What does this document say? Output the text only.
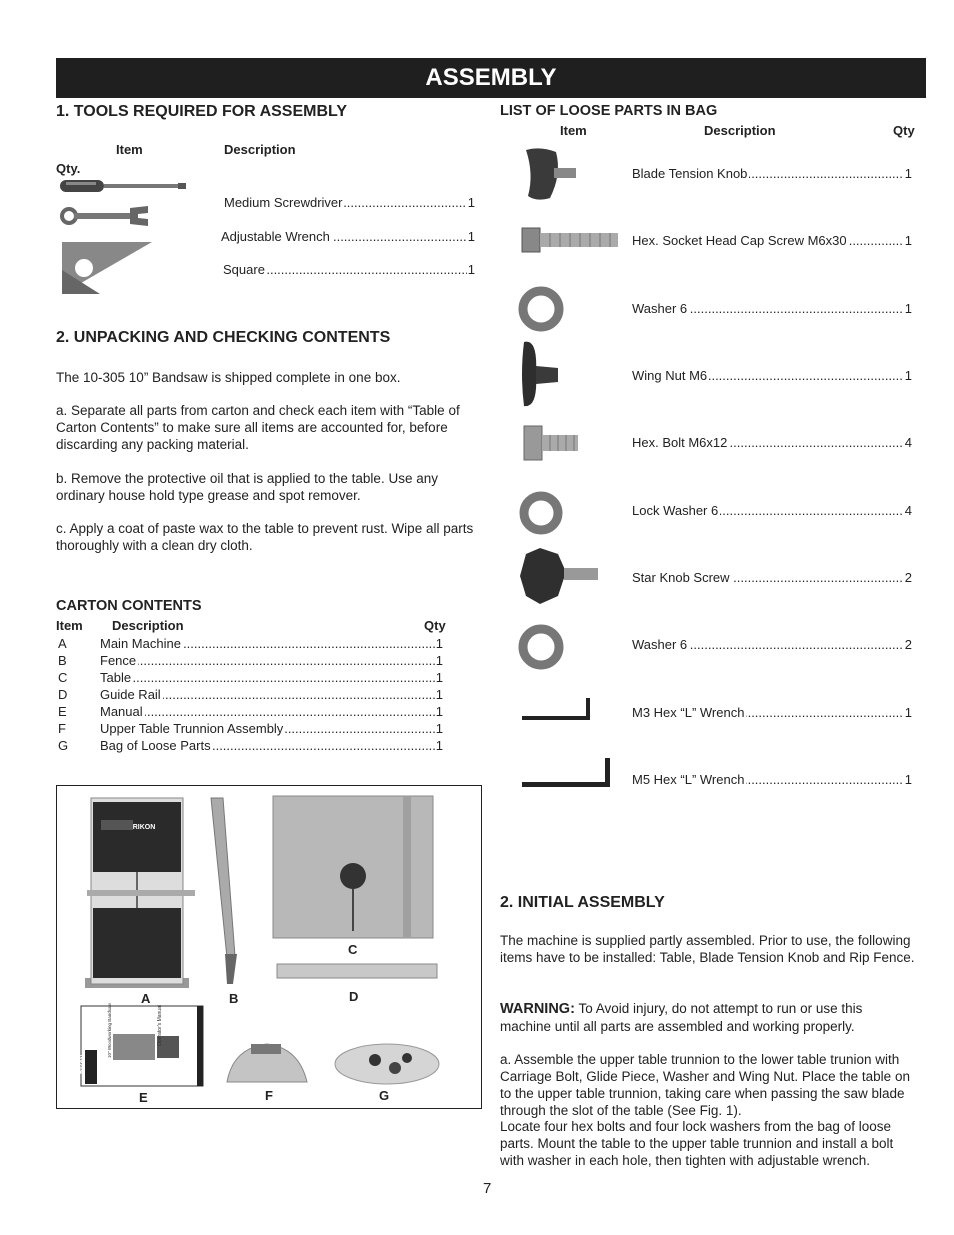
ASSEMBLY
1. TOOLS REQUIRED FOR ASSEMBLY
Item	Description
Qty.
Medium Screwdriver	1
.....
Adjustable Wrench	1
.....
Square	1
.....
2. UNPACKING AND CHECKING CONTENTS
The 10-305 10” Bandsaw is shipped complete in one box.
a. Separate all parts from carton and check each item with “Table of Carton Contents” to make sure all items are accounted for, before discarding any packing material.
b. Remove the protective oil that is applied to the table. Use any ordinary house hold type grease and spot remover.
c. Apply a coat of paste wax to the table to prevent rust. Wipe all parts thoroughly with a clean dry cloth.
CARTON CONTENTS
Item Description	Qty
A	Main Machine	1
.....
B	Fence	1
.....
C	Table	1
.....
D	Guide Rail	1
.....
E	Manual	1
.....
F	Upper Table Trunnion Assembly	1
.....
G Bag of Loose Parts	1
.....
A	B
C
D
E	F	G
RIKON
RIKON
Operator's Manual
10" Woodworking Bandsaw
LIST OF LOOSE PARTS IN BAG
Item	Description	Qty
Blade Tension Knob	1
.....
Hex. Socket Head Cap Screw M6x30	1
.....
Washer 6	1
.....
Wing Nut M6	1
.....
Hex. Bolt M6x12	4
.....
Lock Washer 6	4
.....
Star Knob Screw	2
.....
Washer 6	2
.....
M3 Hex “L” Wrench	1
.....
M5 Hex “L” Wrench	1
.....
2. INITIAL ASSEMBLY
The machine is supplied partly assembled. Prior to use, the following items have to be installed: Table, Blade Tension Knob and Rip Fence.
WARNING: To Avoid injury, do not attempt to run or use this machine until all parts are assembled and working properly.
a. Assemble the upper table trunnion to the lower table trunion with Carriage Bolt, Glide Piece, Washer and Wing Nut. Place the table on to the upper table trunnion, taking care when passing the saw blade through the slot of the table (See Fig. 1).
Locate four hex bolts and four lock washers from the bag of loose parts. Mount the table to the upper table trunnion and install a bolt with washer in each hole, then tighten with adjustable wrench.
7
